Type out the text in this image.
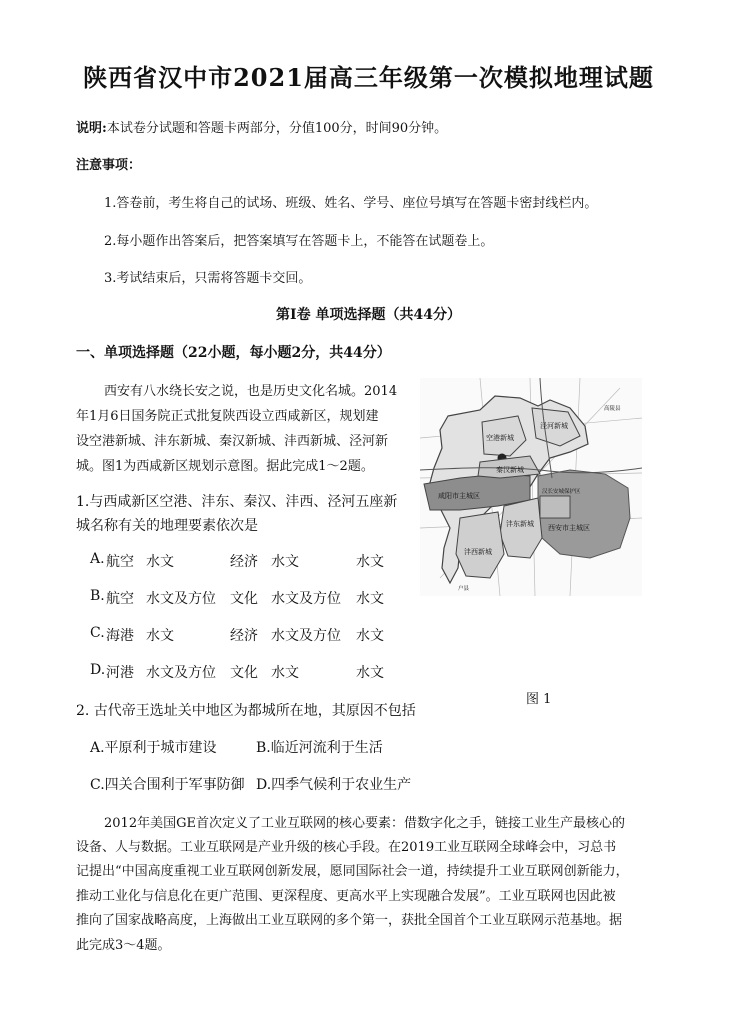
陕西省汉中市2021届高三年级第一次模拟地理试题
说明:本试卷分试题和答题卡两部分，分值100分，时间90分钟。
注意事项：
1.答卷前，考生将自己的试场、班级、姓名、学号、座位号填写在答题卡密封线栏内。
2.每小题作出答案后，把答案填写在答题卡上，不能答在试题卷上。
3.考试结束后，只需将答题卡交回。
第Ⅰ卷 单项选择题（共44分）
一、单项选择题（22小题，每小题2分，共44分）
西安有八水绕长安之说，也是历史文化名城。2014
年1月6日国务院正式批复陕西设立西咸新区，规划建
设空港新城、沣东新城、秦汉新城、沣西新城、泾河新
城。图1为西咸新区规划示意图。据此完成1～2题。
1.与西咸新区空港、沣东、秦汉、沣西、泾河五座新
城名称有关的地理要素依次是
A. 航空 水文	经济 水文	水文
B. 航空 水文及方位 文化 水文及方位 水文
C. 海港 水文	经济 水文及方位 水文
D. 河港 水文及方位 文化 水文	水文
空港新城
泾河新城
秦汉新城
咸阳市主城区
沣东新城
沣西新城
西安市主城区
汉长安城保护区
高陵县
户县
图 1
2. 古代帝王选址关中地区为都城所在地，其原因不包括
A.平原利于城市建设	B.临近河流利于生活
C.四关合围利于军事防御 D.四季气候利于农业生产
2012年美国GE首次定义了工业互联网的核心要素：借数字化之手，链接工业生产最核心的
设备、人与数据。工业互联网是产业升级的核心手段。在2019工业互联网全球峰会中，习总书
记提出“中国高度重视工业互联网创新发展，愿同国际社会一道，持续提升工业互联网创新能力，
推动工业化与信息化在更广范围、更深程度、更高水平上实现融合发展”。工业互联网也因此被
推向了国家战略高度，上海做出工业互联网的多个第一，获批全国首个工业互联网示范基地。据
此完成3～4题。
